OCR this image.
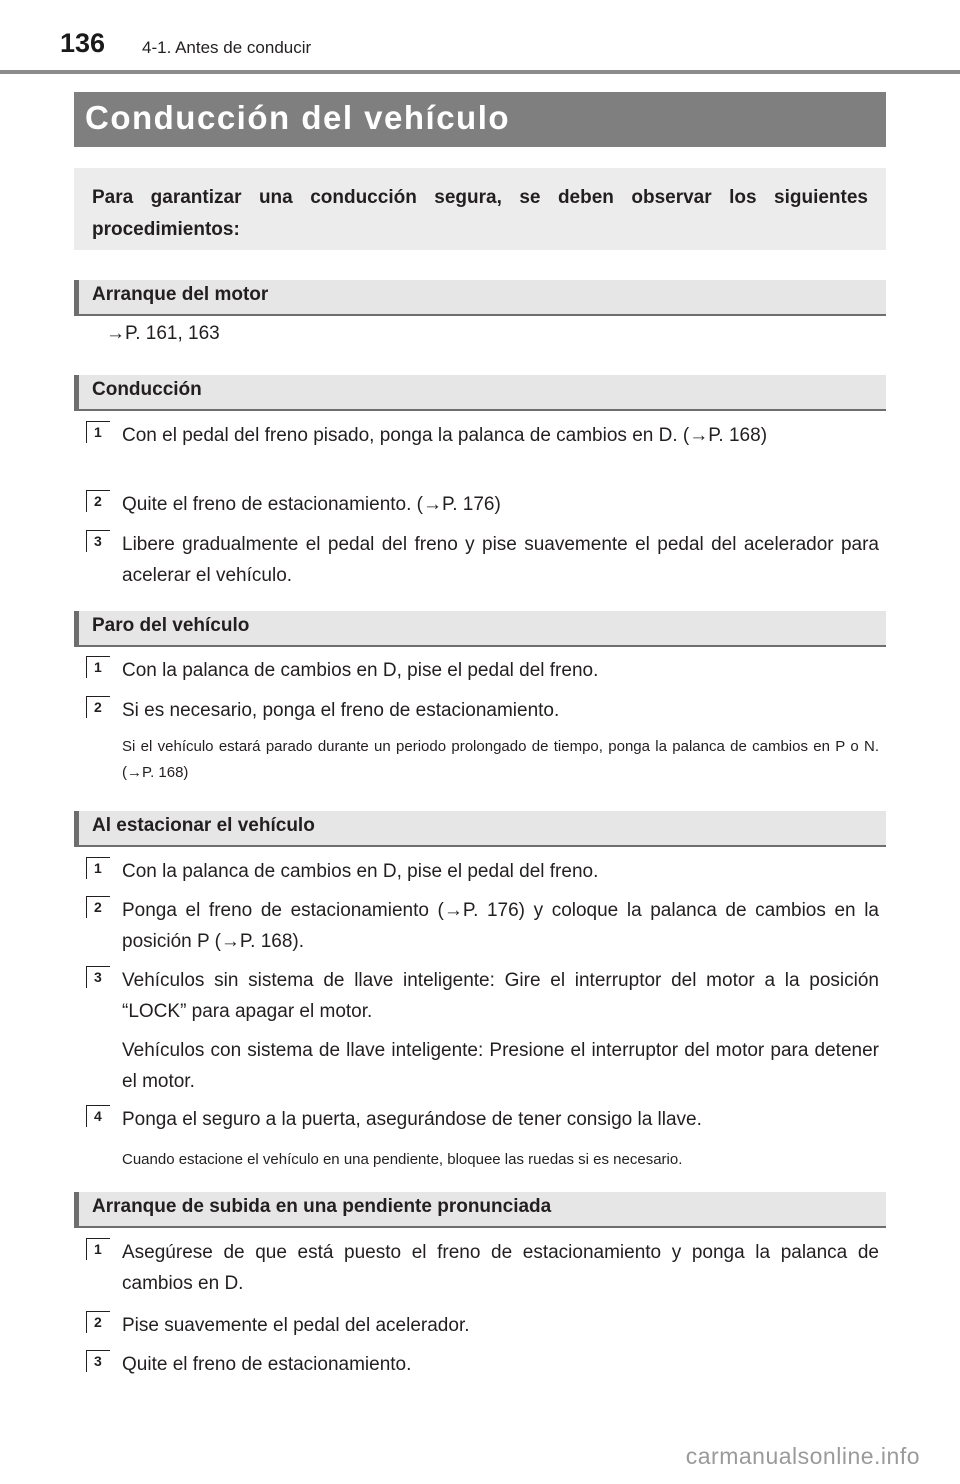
136 4-1. Antes de conducir
Conducción del vehículo
Para garantizar una conducción segura, se deben observar los siguientes procedimientos:
Arranque del motor
→P. 161, 163
Conducción
1	Con el pedal del freno pisado, ponga la palanca de cambios en D. (→P. 168)
2	Quite el freno de estacionamiento. (→P. 176)
3	Libere gradualmente el pedal del freno y pise suavemente el pedal del acelerador para acelerar el vehículo.
Paro del vehículo
1	Con la palanca de cambios en D, pise el pedal del freno.
2	Si es necesario, ponga el freno de estacionamiento.
Si el vehículo estará parado durante un periodo prolongado de tiempo, ponga la palanca de cambios en P o N. (→P. 168)
Al estacionar el vehículo
1	Con la palanca de cambios en D, pise el pedal del freno.
2	Ponga el freno de estacionamiento (→P. 176) y coloque la palanca de cambios en la posición P (→P. 168).
3	Vehículos sin sistema de llave inteligente: Gire el interruptor del motor a la posición “LOCK” para apagar el motor.
Vehículos con sistema de llave inteligente: Presione el interruptor del motor para detener el motor.
4	Ponga el seguro a la puerta, asegurándose de tener consigo la llave.
Cuando estacione el vehículo en una pendiente, bloquee las ruedas si es necesario.
Arranque de subida en una pendiente pronunciada
1	Asegúrese de que está puesto el freno de estacionamiento y ponga la palanca de cambios en D.
2	Pise suavemente el pedal del acelerador.
3	Quite el freno de estacionamiento.
carmanualsonline.info
